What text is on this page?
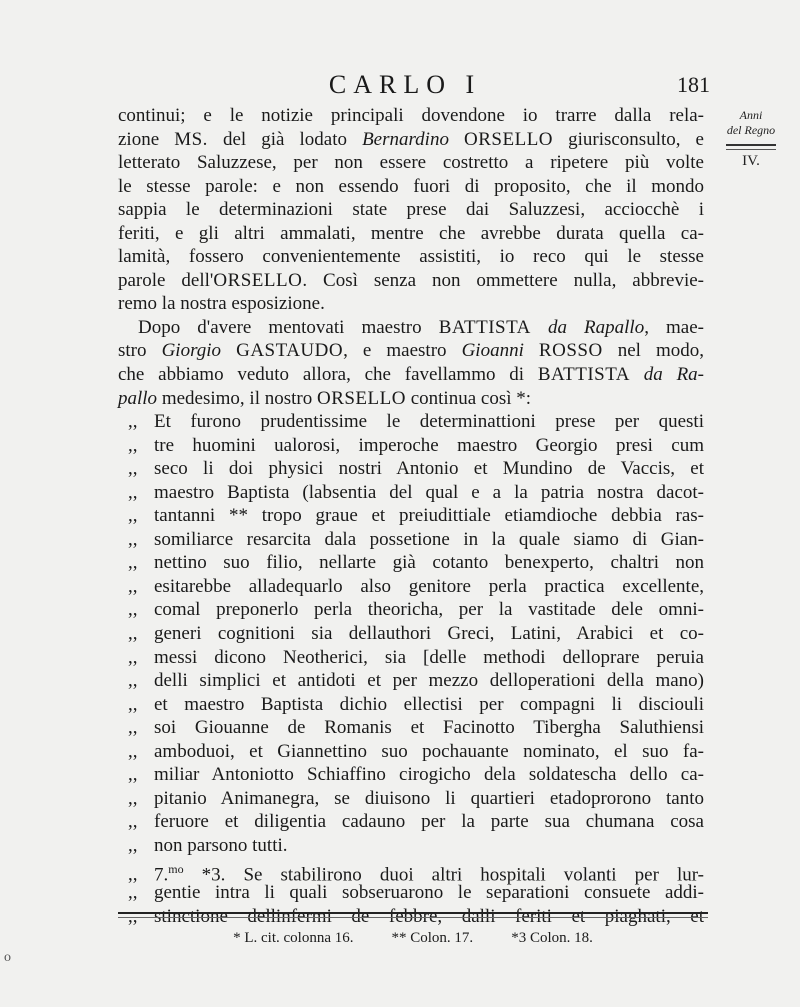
CARLO I	181
Anni
del Regno
IV.
continui; e le notizie principali dovendone io trarre dalla rela-
zione MS. del già lodato Bernardino ORSELLO giurisconsulto, e
letterato Saluzzese, per non essere costretto a ripetere più volte
le stesse parole: e non essendo fuori di proposito, che il mondo
sappia le determinazioni state prese dai Saluzzesi, acciocchè i
feriti, e gli altri ammalati, mentre che avrebbe durata quella ca-
lamità, fossero convenientemente assistiti, io reco qui le stesse
parole dell'ORSELLO. Così senza non ommettere nulla, abbrevie-
remo la nostra esposizione.
Dopo d'avere mentovati maestro BATTISTA da Rapallo, mae-
stro Giorgio GASTAUDO, e maestro Gioanni ROSSO nel modo,
che abbiamo veduto allora, che favellammo di BATTISTA da Ra-
pallo medesimo, il nostro ORSELLO continua così *:
,, Et furono prudentissime le determinattioni prese per questi
,, tre huomini ualorosi, imperoche maestro Georgio presi cum
,, seco li doi physici nostri Antonio et Mundino de Vaccis, et
,, maestro Baptista (labsentia del qual e a la patria nostra dacot-
,, tantanni ** tropo graue et preiudittiale etiamdioche debbia ras-
,, somiliarce resarcita dala possetione in la quale siamo di Gian-
,, nettino suo filio, nellarte già cotanto benexperto, chaltri non
,, esitarebbe alladequarlo also genitore perla practica excellente,
,, comal preponerlo perla theoricha, per la vastitade dele omni-
,, generi cognitioni sia dellauthori Greci, Latini, Arabici et co-
,, messi dicono Neotherici, sia [delle methodi delloprare peruia
,, delli simplici et antidoti et per mezzo delloperationi della mano)
,, et maestro Baptista dichio ellectisi per compagni li disciouli
,, soi Giouanne de Romanis et Facinotto Tibergha Saluthiensi
,, amboduoi, et Giannettino suo pochauante nominato, el suo fa-
,, miliar Antoniotto Schiaffino cirogicho dela soldatescha dello ca-
,, pitanio Animanegra, se diuisono li quartieri etadoprorono tanto
,, feruore et diligentia cadauno per la parte sua chumana cosa
,, non parsono tutti.
,, 7.$^{mo}$ *3. Se stabilirono duoi altri hospitali volanti per lur-
,, gentie intra li quali sobseruarono le separationi consuete addi-
,, stinctione dellinfermi de febbre, dalli feriti et piaghati, et
* L. cit. colonna 16.	** Colon. 17.	*3 Colon. 18.
o
